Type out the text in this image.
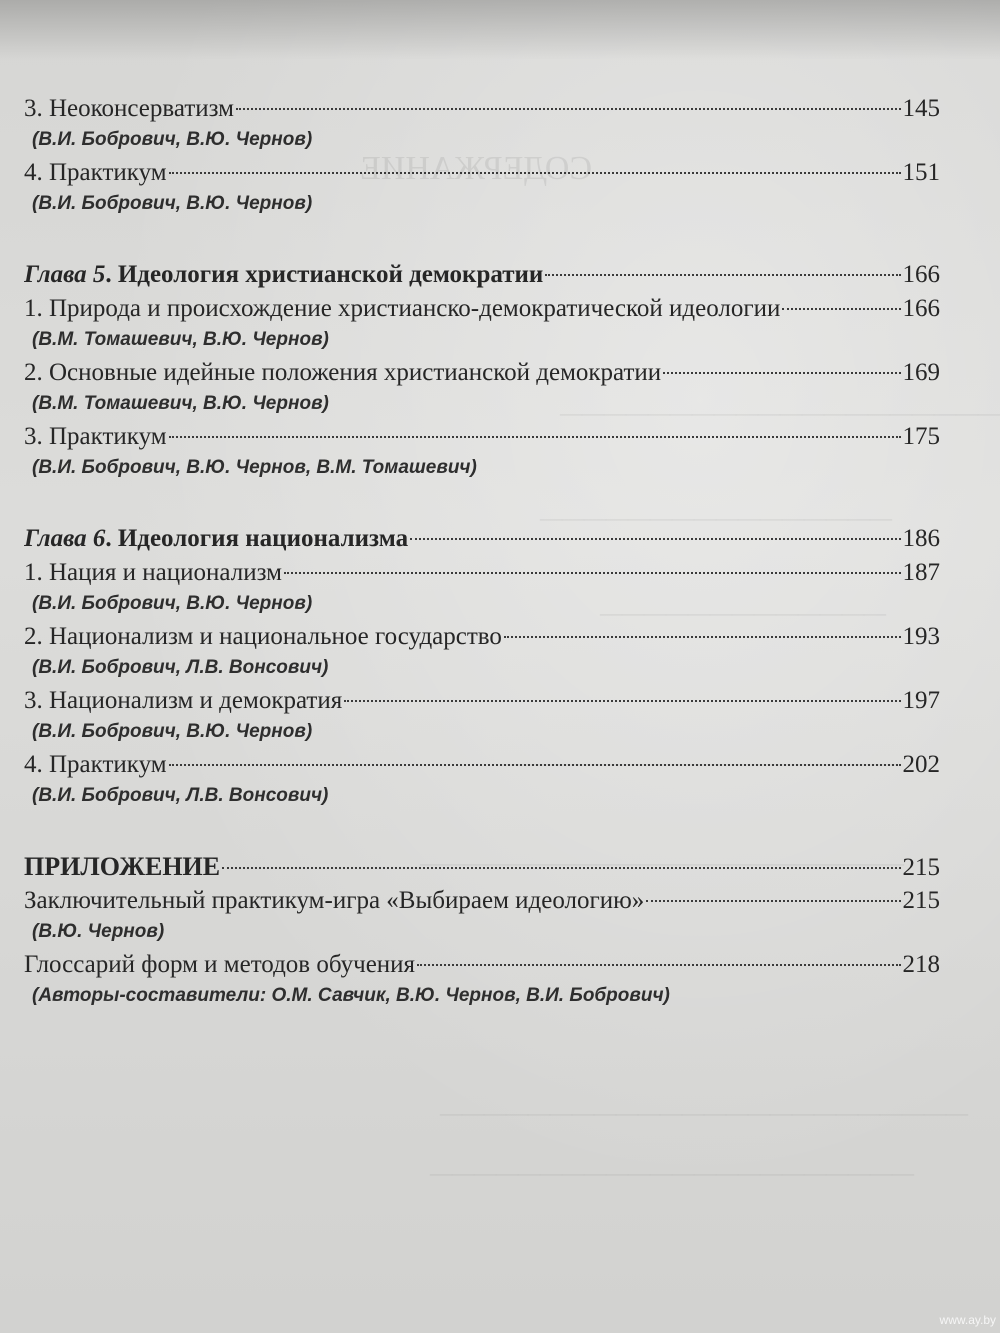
СОДЕРЖАНИЕ
————————————————————
————————————————
—————————————
——————————————————
——————————————————————
————————————————————————
——————————————————————
3. Неоконсерватизм	145
(В.И. Бобрович, В.Ю. Чернов)
4. Практикум	151
(В.И. Бобрович, В.Ю. Чернов)
Глава 5. Идеология христианской демократии	166
1. Природа и происхождение христианско-демократической идеологии	166
(В.М. Томашевич, В.Ю. Чернов)
2. Основные идейные положения христианской демократии	169
(В.М. Томашевич, В.Ю. Чернов)
3. Практикум	175
(В.И. Бобрович, В.Ю. Чернов, В.М. Томашевич)
Глава 6. Идеология национализма	186
1. Нация и национализм	187
(В.И. Бобрович, В.Ю. Чернов)
2. Национализм и национальное государство	193
(В.И. Бобрович, Л.В. Вонсович)
3. Национализм и демократия	197
(В.И. Бобрович, В.Ю. Чернов)
4. Практикум	202
(В.И. Бобрович, Л.В. Вонсович)
ПРИЛОЖЕНИЕ	215
Заключительный практикум-игра «Выбираем идеологию»	215
(В.Ю. Чернов)
Глоссарий форм и методов обучения	218
(Авторы-составители: О.М. Савчик, В.Ю. Чернов, В.И. Бобрович)
www.ay.by
